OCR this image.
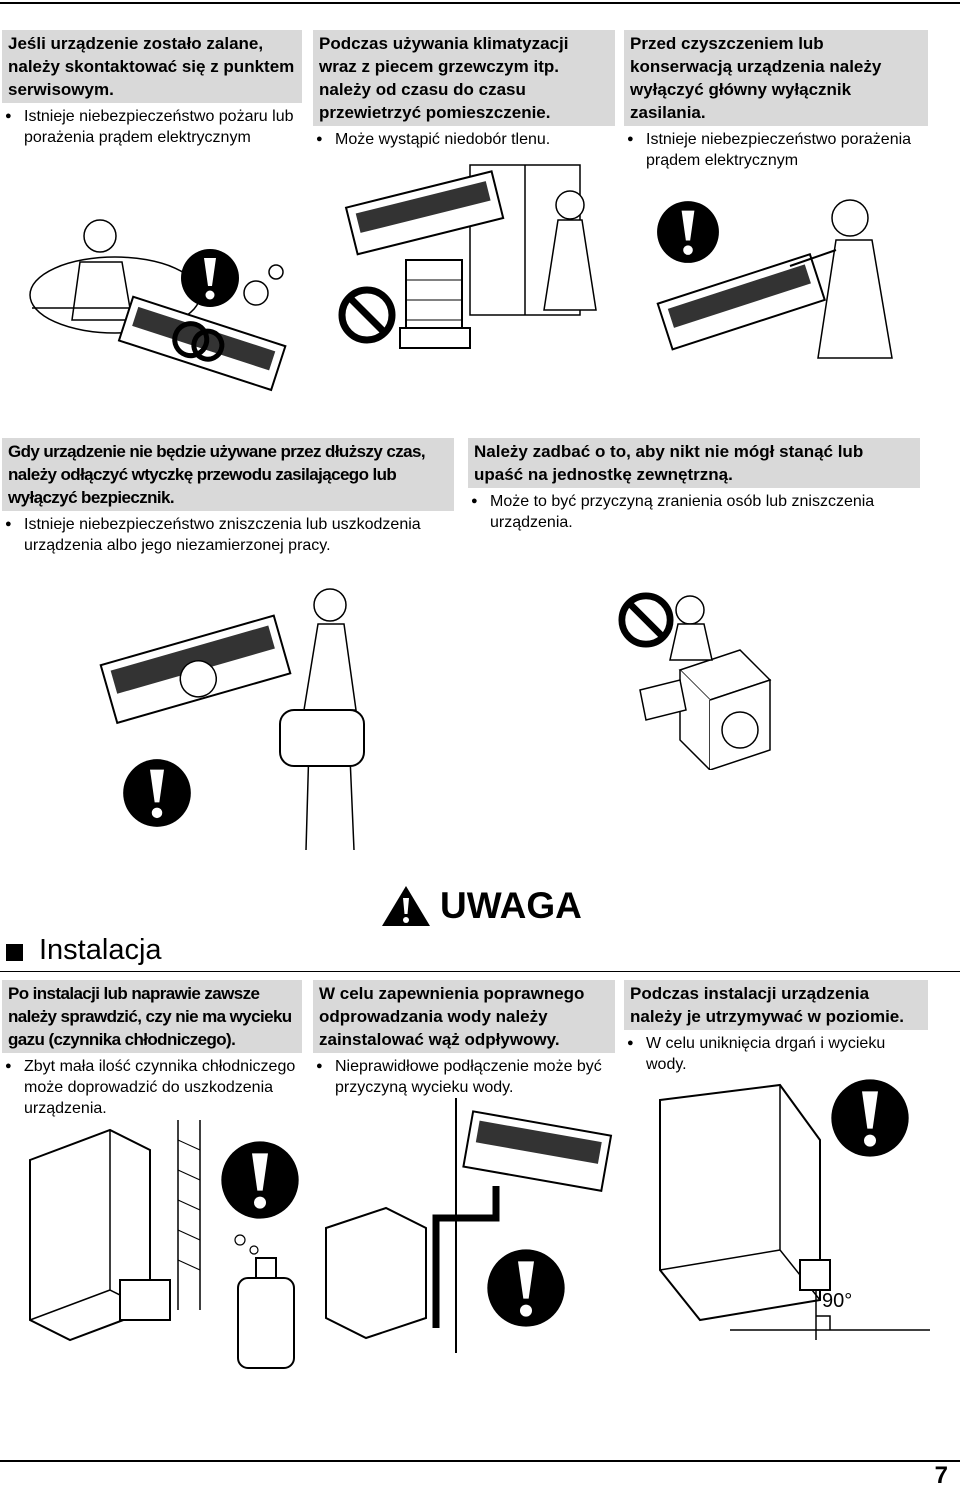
Jeśli urządzenie zostało zalane, należy skontaktować się z punktem serwisowym.
● Istnieje niebezpieczeństwo pożaru lub porażenia prądem elektrycznym
Podczas używania klimatyzacji wraz z piecem grzewczym itp. należy od czasu do czasu przewietrzyć pomieszczenie.
● Może wystąpić niedobór tlenu.
Przed czyszczeniem lub konserwacją urządzenia należy wyłączyć główny wyłącznik zasilania.
● Istnieje niebezpieczeństwo porażenia prądem elektrycznym
Gdy urządzenie nie będzie używane przez dłuższy czas, należy odłączyć wtyczkę przewodu zasilającego lub wyłączyć bezpiecznik.
● Istnieje niebezpieczeństwo zniszczenia lub uszkodzenia urządzenia albo jego niezamierzonej pracy.
Należy zadbać o to, aby nikt nie mógł stanąć lub upaść na jednostkę zewnętrzną.
● Może to być przyczyną zranienia osób lub zniszczenia urządzenia.
UWAGA
Instalacja
Po instalacji lub naprawie zawsze należy sprawdzić, czy nie ma wycieku gazu (czynnika chłodniczego).
● Zbyt mała ilość czynnika chłodniczego może doprowadzić do uszkodzenia urządzenia.
W celu zapewnienia poprawnego odprowadzania wody należy zainstalować wąż odpływowy.
● Nieprawidłowe podłączenie może być przyczyną wycieku wody.
Podczas instalacji urządzenia należy je utrzymywać w poziomie.
● W celu uniknięcia drgań i wycieku wody.
90°
7
